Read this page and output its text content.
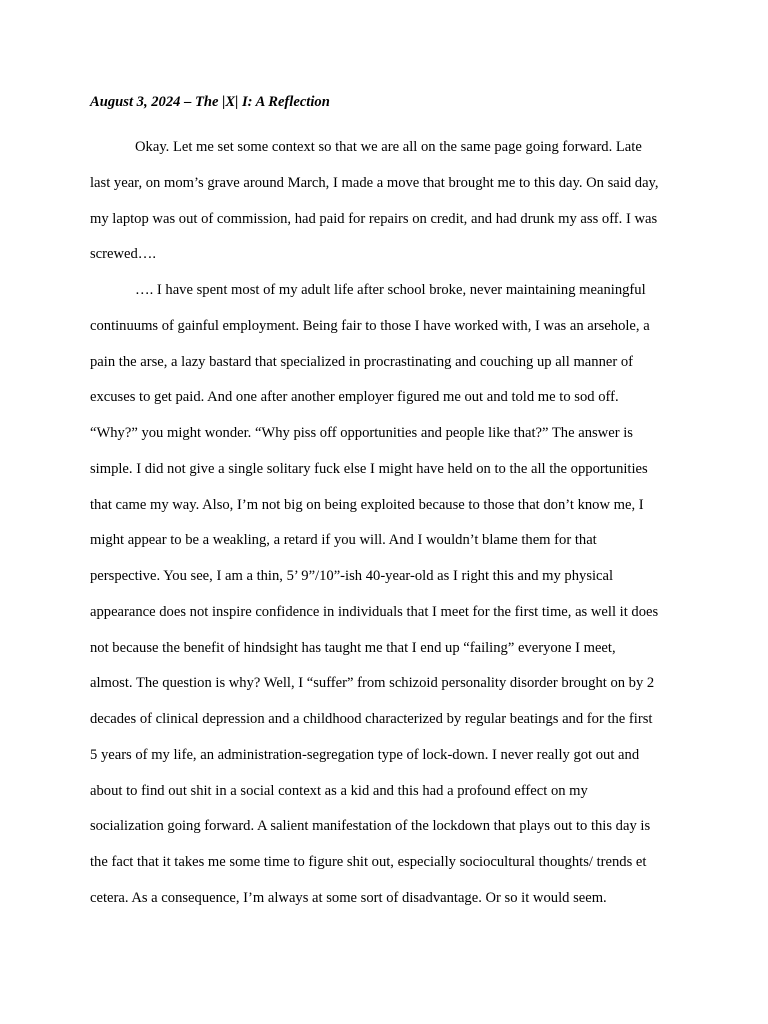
August 3, 2024 – The |X| I: A Reflection

Okay. Let me set some context so that we are all on the same page going forward. Late
last year, on mom’s grave around March, I made a move that brought me to this day. On said day,
my laptop was out of commission, had paid for repairs on credit, and had drunk my ass off. I was
screwed….

…. I have spent most of my adult life after school broke, never maintaining meaningful
continuums of gainful employment. Being fair to those I have worked with, I was an arsehole, a
pain the arse, a lazy bastard that specialized in procrastinating and couching up all manner of
excuses to get paid. And one after another employer figured me out and told me to sod off.
“Why?” you might wonder. “Why piss off opportunities and people like that?” The answer is
simple. I did not give a single solitary fuck else I might have held on to the all the opportunities
that came my way. Also, I’m not big on being exploited because to those that don’t know me, I
might appear to be a weakling, a retard if you will. And I wouldn’t blame them for that
perspective. You see, I am a thin, 5’ 9”/10”-ish 40-year-old as I right this and my physical
appearance does not inspire confidence in individuals that I meet for the first time, as well it does
not because the benefit of hindsight has taught me that I end up “failing” everyone I meet,
almost. The question is why? Well, I “suffer” from schizoid personality disorder brought on by 2
decades of clinical depression and a childhood characterized by regular beatings and for the first
5 years of my life, an administration-segregation type of lock-down. I never really got out and
about to find out shit in a social context as a kid and this had a profound effect on my
socialization going forward. A salient manifestation of the lockdown that plays out to this day is
the fact that it takes me some time to figure shit out, especially sociocultural thoughts/ trends et
cetera. As a consequence, I’m always at some sort of disadvantage. Or so it would seem.
